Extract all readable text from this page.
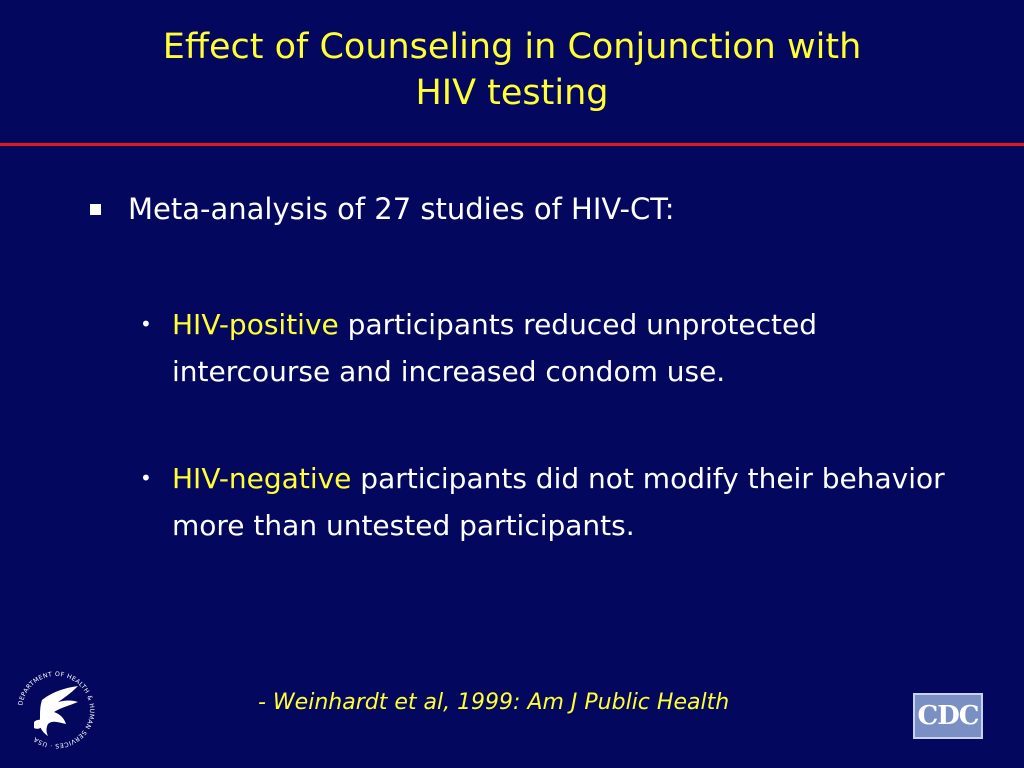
Effect of Counseling in Conjunction with
HIV testing
Meta-analysis of 27 studies of HIV-CT:
• HIV-positive participants reduced unprotected intercourse and increased condom use.
• HIV-negative participants did not modify their behavior more than untested participants.
- Weinhardt et al, 1999: Am J Public Health
DEPARTMENT OF HEALTH & HUMAN SERVICES · USA
CDC
